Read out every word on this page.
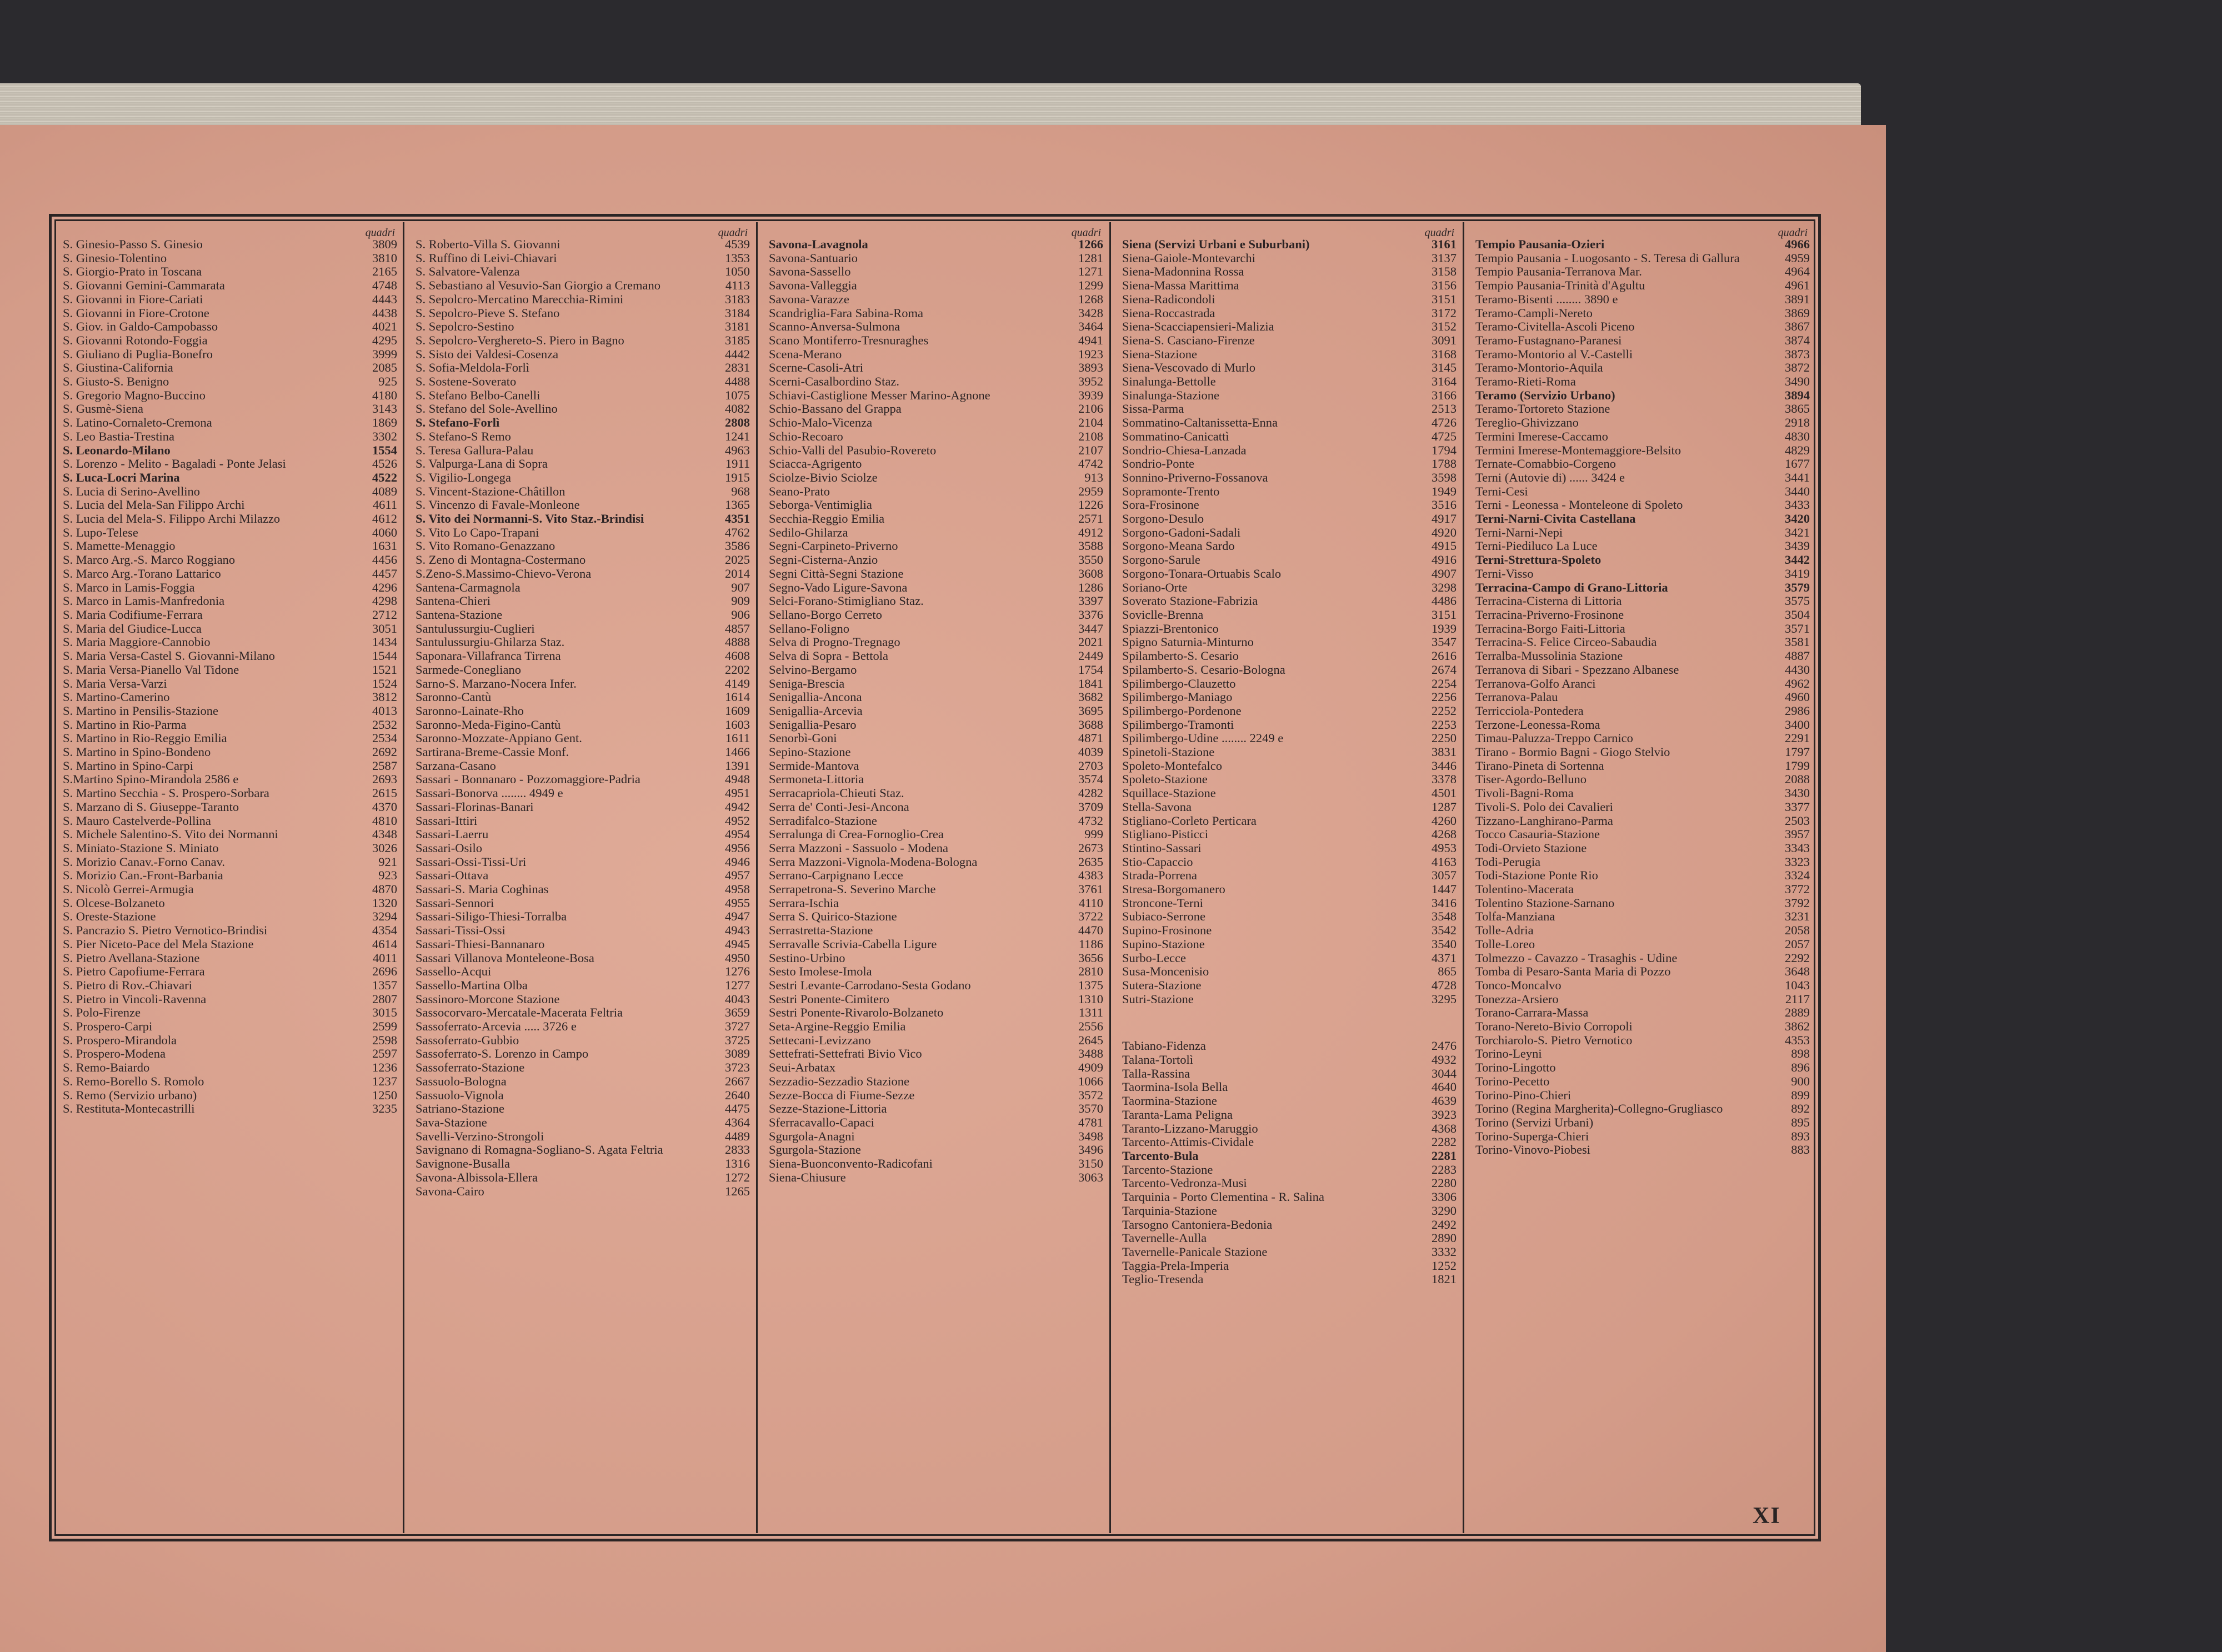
quadri
S. Ginesio-Passo S. Ginesio	3809
S. Ginesio-Tolentino	3810
S. Giorgio-Prato in Toscana	2165
S. Giovanni Gemini-Cammarata	4748
S. Giovanni in Fiore-Cariati	4443
S. Giovanni in Fiore-Crotone	4438
S. Giov. in Galdo-Campobasso	4021
S. Giovanni Rotondo-Foggia	4295
S. Giuliano di Puglia-Bonefro	3999
S. Giustina-California	2085
S. Giusto-S. Benigno	925
S. Gregorio Magno-Buccino	4180
S. Gusmè-Siena	3143
S. Latino-Cornaleto-Cremona	1869
S. Leo Bastia-Trestina	3302
S. Leonardo-Milano	1554
S. Lorenzo - Melito - Bagaladi - Ponte Jelasi	4526
S. Luca-Locri Marina	4522
S. Lucia di Serino-Avellino	4089
S. Lucia del Mela-San Filippo Archi	4611
S. Lucia del Mela-S. Filippo Archi Milazzo	4612
S. Lupo-Telese	4060
S. Mamette-Menaggio	1631
S. Marco Arg.-S. Marco Roggiano	4456
S. Marco Arg.-Torano Lattarico	4457
S. Marco in Lamis-Foggia	4296
S. Marco in Lamis-Manfredonia	4298
S. Maria Codifiume-Ferrara	2712
S. Maria del Giudice-Lucca	3051
S. Maria Maggiore-Cannobio	1434
S. Maria Versa-Castel S. Giovanni-Milano	1544
S. Maria Versa-Pianello Val Tidone	1521
S. Maria Versa-Varzi	1524
S. Martino-Camerino	3812
S. Martino in Pensilis-Stazione	4013
S. Martino in Rio-Parma	2532
S. Martino in Rio-Reggio Emilia	2534
S. Martino in Spino-Bondeno	2692
S. Martino in Spino-Carpi	2587
S.Martino Spino-Mirandola 2586 e	2693
S. Martino Secchia - S. Prospero-Sorbara	2615
S. Marzano di S. Giuseppe-Taranto	4370
S. Mauro Castelverde-Pollina	4810
S. Michele Salentino-S. Vito dei Normanni	4348
S. Miniato-Stazione S. Miniato	3026
S. Morizio Canav.-Forno Canav.	921
S. Morizio Can.-Front-Barbania	923
S. Nicolò Gerrei-Armugia	4870
S. Olcese-Bolzaneto	1320
S. Oreste-Stazione	3294
S. Pancrazio S. Pietro Vernotico-Brindisi	4354
S. Pier Niceto-Pace del Mela Stazione	4614
S. Pietro Avellana-Stazione	4011
S. Pietro Capofiume-Ferrara	2696
S. Pietro di Rov.-Chiavari	1357
S. Pietro in Vincoli-Ravenna	2807
S. Polo-Firenze	3015
S. Prospero-Carpi	2599
S. Prospero-Mirandola	2598
S. Prospero-Modena	2597
S. Remo-Baiardo	1236
S. Remo-Borello S. Romolo	1237
S. Remo (Servizio urbano)	1250
S. Restituta-Montecastrilli	3235
quadri
S. Roberto-Villa S. Giovanni	4539
S. Ruffino di Leivi-Chiavari	1353
S. Salvatore-Valenza	1050
S. Sebastiano al Vesuvio-San Giorgio a Cremano	4113
S. Sepolcro-Mercatino Marecchia-Rimini	3183
S. Sepolcro-Pieve S. Stefano	3184
S. Sepolcro-Sestino	3181
S. Sepolcro-Verghereto-S. Piero in Bagno	3185
S. Sisto dei Valdesi-Cosenza	4442
S. Sofia-Meldola-Forlì	2831
S. Sostene-Soverato	4488
S. Stefano Belbo-Canelli	1075
S. Stefano del Sole-Avellino	4082
S. Stefano-Forlì	2808
S. Stefano-S Remo	1241
S. Teresa Gallura-Palau	4963
S. Valpurga-Lana di Sopra	1911
S. Vigilio-Longega	1915
S. Vincent-Stazione-Châtillon	968
S. Vincenzo di Favale-Monleone	1365
S. Vito dei Normanni-S. Vito Staz.-Brindisi	4351
S. Vito Lo Capo-Trapani	4762
S. Vito Romano-Genazzano	3586
S. Zeno di Montagna-Costermano	2025
S.Zeno-S.Massimo-Chievo-Verona	2014
Santena-Carmagnola	907
Santena-Chieri	909
Santena-Stazione	906
Santulussurgiu-Cuglieri	4857
Santulussurgiu-Ghilarza Staz.	4888
Saponara-Villafranca Tirrena	4608
Sarmede-Conegliano	2202
Sarno-S. Marzano-Nocera Infer.	4149
Saronno-Cantù	1614
Saronno-Lainate-Rho	1609
Saronno-Meda-Figino-Cantù	1603
Saronno-Mozzate-Appiano Gent.	1611
Sartirana-Breme-Cassie Monf.	1466
Sarzana-Casano	1391
Sassari - Bonnanaro - Pozzomaggiore-Padria	4948
Sassari-Bonorva ........ 4949 e	4951
Sassari-Florinas-Banari	4942
Sassari-Ittiri	4952
Sassari-Laerru	4954
Sassari-Osilo	4956
Sassari-Ossi-Tissi-Uri	4946
Sassari-Ottava	4957
Sassari-S. Maria Coghinas	4958
Sassari-Sennori	4955
Sassari-Siligo-Thiesi-Torralba	4947
Sassari-Tissi-Ossi	4943
Sassari-Thiesi-Bannanaro	4945
Sassari Villanova Monteleone-Bosa	4950
Sassello-Acqui	1276
Sassello-Martina Olba	1277
Sassinoro-Morcone Stazione	4043
Sassocorvaro-Mercatale-Macerata Feltria	3659
Sassoferrato-Arcevia ..... 3726 e	3727
Sassoferrato-Gubbio	3725
Sassoferrato-S. Lorenzo in Campo	3089
Sassoferrato-Stazione	3723
Sassuolo-Bologna	2667
Sassuolo-Vignola	2640
Satriano-Stazione	4475
Sava-Stazione	4364
Savelli-Verzino-Strongoli	4489
Savignano di Romagna-Sogliano-S. Agata Feltria	2833
Savignone-Busalla	1316
Savona-Albissola-Ellera	1272
Savona-Cairo	1265
quadri
Savona-Lavagnola	1266
Savona-Santuario	1281
Savona-Sassello	1271
Savona-Valleggia	1299
Savona-Varazze	1268
Scandriglia-Fara Sabina-Roma	3428
Scanno-Anversa-Sulmona	3464
Scano Montiferro-Tresnuraghes	4941
Scena-Merano	1923
Scerne-Casoli-Atri	3893
Scerni-Casalbordino Staz.	3952
Schiavi-Castiglione Messer Marino-Agnone	3939
Schio-Bassano del Grappa	2106
Schio-Malo-Vicenza	2104
Schio-Recoaro	2108
Schio-Valli del Pasubio-Rovereto	2107
Sciacca-Agrigento	4742
Sciolze-Bivio Sciolze	913
Seano-Prato	2959
Seborga-Ventimiglia	1226
Secchia-Reggio Emilia	2571
Sedilo-Ghilarza	4912
Segni-Carpineto-Priverno	3588
Segni-Cisterna-Anzio	3550
Segni Città-Segni Stazione	3608
Segno-Vado Ligure-Savona	1286
Selci-Forano-Stimigliano Staz.	3397
Sellano-Borgo Cerreto	3376
Sellano-Foligno	3447
Selva di Progno-Tregnago	2021
Selva di Sopra - Bettola	2449
Selvino-Bergamo	1754
Seniga-Brescia	1841
Senigallia-Ancona	3682
Senigallia-Arcevia	3695
Senigallia-Pesaro	3688
Senorbì-Goni	4871
Sepino-Stazione	4039
Sermide-Mantova	2703
Sermoneta-Littoria	3574
Serracapriola-Chieuti Staz.	4282
Serra de' Conti-Jesi-Ancona	3709
Serradifalco-Stazione	4732
Serralunga di Crea-Fornoglio-Crea	999
Serra Mazzoni - Sassuolo - Modena	2673
Serra Mazzoni-Vignola-Modena-Bologna	2635
Serrano-Carpignano Lecce	4383
Serrapetrona-S. Severino Marche	3761
Serrara-Ischia	4110
Serra S. Quirico-Stazione	3722
Serrastretta-Stazione	4470
Serravalle Scrivia-Cabella Ligure	1186
Sestino-Urbino	3656
Sesto Imolese-Imola	2810
Sestri Levante-Carrodano-Sesta Godano	1375
Sestri Ponente-Cimitero	1310
Sestri Ponente-Rivarolo-Bolzaneto	1311
Seta-Argine-Reggio Emilia	2556
Settecani-Levizzano	2645
Settefrati-Settefrati Bivio Vico	3488
Seui-Arbatax	4909
Sezzadio-Sezzadio Stazione	1066
Sezze-Bocca di Fiume-Sezze	3572
Sezze-Stazione-Littoria	3570
Sferracavallo-Capaci	4781
Sgurgola-Anagni	3498
Sgurgola-Stazione	3496
Siena-Buonconvento-Radicofani	3150
Siena-Chiusure	3063
quadri
Siena (Servizi Urbani e Suburbani)	3161
Siena-Gaiole-Montevarchi	3137
Siena-Madonnina Rossa	3158
Siena-Massa Marittima	3156
Siena-Radicondoli	3151
Siena-Roccastrada	3172
Siena-Scacciapensieri-Malizia	3152
Siena-S. Casciano-Firenze	3091
Siena-Stazione	3168
Siena-Vescovado di Murlo	3145
Sinalunga-Bettolle	3164
Sinalunga-Stazione	3166
Sissa-Parma	2513
Sommatino-Caltanissetta-Enna	4726
Sommatino-Canicattì	4725
Sondrio-Chiesa-Lanzada	1794
Sondrio-Ponte	1788
Sonnino-Priverno-Fossanova	3598
Sopramonte-Trento	1949
Sora-Frosinone	3516
Sorgono-Desulo	4917
Sorgono-Gadoni-Sadali	4920
Sorgono-Meana Sardo	4915
Sorgono-Sarule	4916
Sorgono-Tonara-Ortuabis Scalo	4907
Soriano-Orte	3298
Soverato Stazione-Fabrizia	4486
Soviclle-Brenna	3151
Spiazzi-Brentonico	1939
Spigno Saturnia-Minturno	3547
Spilamberto-S. Cesario	2616
Spilamberto-S. Cesario-Bologna	2674
Spilimbergo-Clauzetto	2254
Spilimbergo-Maniago	2256
Spilimbergo-Pordenone	2252
Spilimbergo-Tramonti	2253
Spilimbergo-Udine ........ 2249 e	2250
Spinetoli-Stazione	3831
Spoleto-Montefalco	3446
Spoleto-Stazione	3378
Squillace-Stazione	4501
Stella-Savona	1287
Stigliano-Corleto Perticara	4260
Stigliano-Pisticci	4268
Stintino-Sassari	4953
Stio-Capaccio	4163
Strada-Porrena	3057
Stresa-Borgomanero	1447
Stroncone-Terni	3416
Subiaco-Serrone	3548
Supino-Frosinone	3542
Supino-Stazione	3540
Surbo-Lecce	4371
Susa-Moncenisio	865
Sutera-Stazione	4728
Sutri-Stazione	3295
Tabiano-Fidenza	2476
Talana-Tortolì	4932
Talla-Rassina	3044
Taormina-Isola Bella	4640
Taormina-Stazione	4639
Taranta-Lama Peligna	3923
Taranto-Lizzano-Maruggio	4368
Tarcento-Attimis-Cividale	2282
Tarcento-Bula	2281
Tarcento-Stazione	2283
Tarcento-Vedronza-Musi	2280
Tarquinia - Porto Clementina - R. Salina	3306
Tarquinia-Stazione	3290
Tarsogno Cantoniera-Bedonia	2492
Tavernelle-Aulla	2890
Tavernelle-Panicale Stazione	3332
Taggia-Prela-Imperia	1252
Teglio-Tresenda	1821
quadri
Tempio Pausania-Ozieri	4966
Tempio Pausania - Luogosanto - S. Teresa di Gallura	4959
Tempio Pausania-Terranova Mar.	4964
Tempio Pausania-Trinità d'Agultu	4961
Teramo-Bisenti ........ 3890 e	3891
Teramo-Campli-Nereto	3869
Teramo-Civitella-Ascoli Piceno	3867
Teramo-Fustagnano-Paranesi	3874
Teramo-Montorio al V.-Castelli	3873
Teramo-Montorio-Aquila	3872
Teramo-Rieti-Roma	3490
Teramo (Servizio Urbano)	3894
Teramo-Tortoreto Stazione	3865
Tereglio-Ghivizzano	2918
Termini Imerese-Caccamo	4830
Termini Imerese-Montemaggiore-Belsito	4829
Ternate-Comabbio-Corgeno	1677
Terni (Autovie di) ...... 3424 e	3441
Terni-Cesi	3440
Terni - Leonessa - Monteleone di Spoleto	3433
Terni-Narni-Civita Castellana	3420
Terni-Narni-Nepi	3421
Terni-Piediluco La Luce	3439
Terni-Strettura-Spoleto	3442
Terni-Visso	3419
Terracina-Campo di Grano-Littoria	3579
Terracina-Cisterna di Littoria	3575
Terracina-Priverno-Frosinone	3504
Terracina-Borgo Faiti-Littoria	3571
Terracina-S. Felice Circeo-Sabaudia	3581
Terralba-Mussolinia Stazione	4887
Terranova di Sibari - Spezzano Albanese	4430
Terranova-Golfo Aranci	4962
Terranova-Palau	4960
Terricciola-Pontedera	2986
Terzone-Leonessa-Roma	3400
Timau-Paluzza-Treppo Carnico	2291
Tirano - Bormio Bagni - Giogo Stelvio	1797
Tirano-Pineta di Sortenna	1799
Tiser-Agordo-Belluno	2088
Tivoli-Bagni-Roma	3430
Tivoli-S. Polo dei Cavalieri	3377
Tizzano-Langhirano-Parma	2503
Tocco Casauria-Stazione	3957
Todi-Orvieto Stazione	3343
Todi-Perugia	3323
Todi-Stazione Ponte Rio	3324
Tolentino-Macerata	3772
Tolentino Stazione-Sarnano	3792
Tolfa-Manziana	3231
Tolle-Adria	2058
Tolle-Loreo	2057
Tolmezzo - Cavazzo - Trasaghis - Udine	2292
Tomba di Pesaro-Santa Maria di Pozzo	3648
Tonco-Moncalvo	1043
Tonezza-Arsiero	2117
Torano-Carrara-Massa	2889
Torano-Nereto-Bivio Corropoli	3862
Torchiarolo-S. Pietro Vernotico	4353
Torino-Leyni	898
Torino-Lingotto	896
Torino-Pecetto	900
Torino-Pino-Chieri	899
Torino (Regina Margherita)-Collegno-Grugliasco	892
Torino (Servizi Urbani)	895
Torino-Superga-Chieri	893
Torino-Vinovo-Piobesi	883
XI
